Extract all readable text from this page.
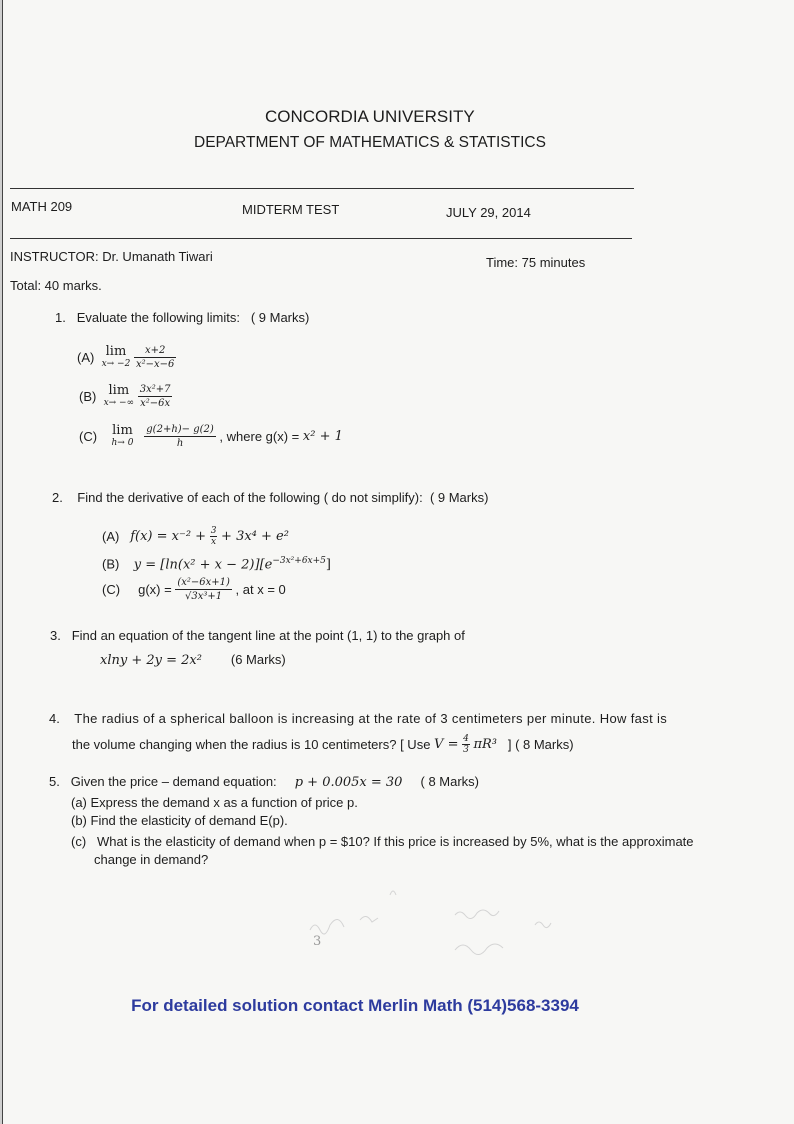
CONCORDIA UNIVERSITY
DEPARTMENT OF MATHEMATICS & STATISTICS
MATH 209	MIDTERM TEST	JULY 29, 2014
INSTRUCTOR: Dr. Umanath Tiwari	Time: 75 minutes
Total: 40 marks.
1. Evaluate the following limits: ( 9 Marks)
(A) lim
x→ −2
$\frac{x+2}{\text{x²−x−6}}$
(B) lim
x→ −∞
$\frac{\text{3x²+7}}{\text{x²−6x}}$
(C) lim
h→ 0
$\frac{g(2+h)- g(2)}{h}$ , where g(x) = x² + 1
2. Find the derivative of each of the following ( do not simplify): ( 9 Marks)
(A) $f(x) = x^{-2} + \frac{3}{x} + 3x^4 + e^2$
(B) $y = [\ln(x^2 + x - 2)][e^{-3x^2+6x+5}]$
(C) $g(x) = \frac{\text{(x²−6x+1)}}{\text{√3x³+1}}$ , at x = 0
3. Find an equation of the tangent line at the point (1, 1) to the graph of
xlny + 2y = 2x² (6 Marks)
4. The radius of a spherical balloon is increasing at the rate of 3 centimeters per minute. How fast is
the volume changing when the radius is 10 centimeters? [ Use $V = \frac{4}{3} \pi R^3$ ] ( 8 Marks)
5. Given the price – demand equation: p + 0.005x = 30 ( 8 Marks)
(a) Express the demand x as a function of price p.
(b) Find the elasticity of demand E(p).
(c) What is the elasticity of demand when p = $10? If this price is increased by 5%, what is the approximate
change in demand?
3
For detailed solution contact Merlin Math (514)568-3394
